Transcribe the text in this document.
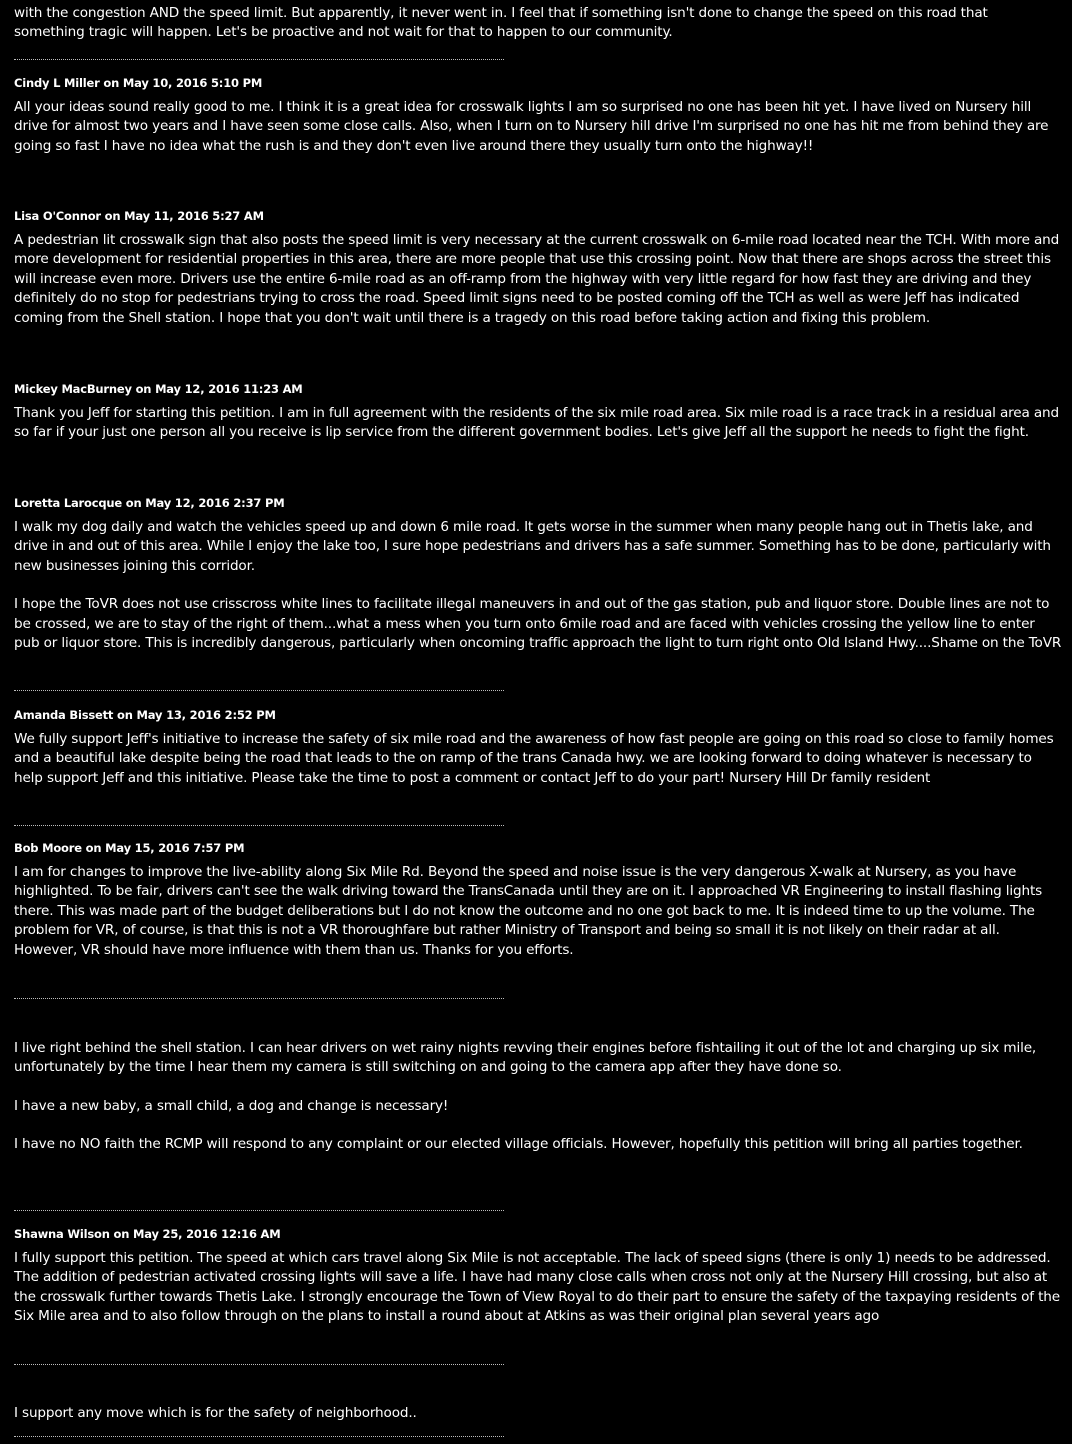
with the congestion AND the speed limit. But apparently, it never went in. I feel that if something isn't done to change the speed on this road that something tragic will happen. Let's be proactive and not wait for that to happen to our community.

Cindy L Miller on May 10, 2016 5:10 PM

All your ideas sound really good to me. I think it is a great idea for crosswalk lights I am so surprised no one has been hit yet. I have lived on Nursery hill drive for almost two years and I have seen some close calls. Also, when I turn on to Nursery hill drive I'm surprised no one has hit me from behind they are going so fast I have no idea what the rush is and they don't even live around there they usually turn onto the highway!!

Lisa O'Connor on May 11, 2016 5:27 AM

A pedestrian lit crosswalk sign that also posts the speed limit is very necessary at the current crosswalk on 6-mile road located near the TCH. With more and more development for residential properties in this area, there are more people that use this crossing point. Now that there are shops across the street this will increase even more. Drivers use the entire 6-mile road as an off-ramp from the highway with very little regard for how fast they are driving and they definitely do no stop for pedestrians trying to cross the road. Speed limit signs need to be posted coming off the TCH as well as were Jeff has indicated coming from the Shell station. I hope that you don't wait until there is a tragedy on this road before taking action and fixing this problem.

Mickey MacBurney on May 12, 2016 11:23 AM

Thank you Jeff for starting this petition. I am in full agreement with the residents of the six mile road area. Six mile road is a race track in a residual area and so far if your just one person all you receive is lip service from the different government bodies. Let's give Jeff all the support he needs to fight the fight.

Loretta Larocque on May 12, 2016 2:37 PM

I walk my dog daily and watch the vehicles speed up and down 6 mile road. It gets worse in the summer when many people hang out in Thetis lake, and drive in and out of this area. While I enjoy the lake too, I sure hope pedestrians and drivers has a safe summer. Something has to be done, particularly with new businesses joining this corridor.

I hope the ToVR does not use crisscross white lines to facilitate illegal maneuvers in and out of the gas station, pub and liquor store. Double lines are not to be crossed, we are to stay of the right of them...what a mess when you turn onto 6mile road and are faced with vehicles crossing the yellow line to enter pub or liquor store. This is incredibly dangerous, particularly when oncoming traffic approach the light to turn right onto Old Island Hwy....Shame on the ToVR

Amanda Bissett on May 13, 2016 2:52 PM

We fully support Jeff's initiative to increase the safety of six mile road and the awareness of how fast people are going on this road so close to family homes and a beautiful lake despite being the road that leads to the on ramp of the trans Canada hwy. we are looking forward to doing whatever is necessary to help support Jeff and this initiative. Please take the time to post a comment or contact Jeff to do your part! Nursery Hill Dr family resident

Bob Moore on May 15, 2016 7:57 PM

I am for changes to improve the live-ability along Six Mile Rd. Beyond the speed and noise issue is the very dangerous X-walk at Nursery, as you have highlighted. To be fair, drivers can't see the walk driving toward the TransCanada until they are on it. I approached VR Engineering to install flashing lights there. This was made part of the budget deliberations but I do not know the outcome and no one got back to me. It is indeed time to up the volume. The problem for VR, of course, is that this is not a VR thoroughfare but rather Ministry of Transport and being so small it is not likely on their radar at all. However, VR should have more influence with them than us. Thanks for you efforts.

I live right behind the shell station. I can hear drivers on wet rainy nights revving their engines before fishtailing it out of the lot and charging up six mile, unfortunately by the time I hear them my camera is still switching on and going to the camera app after they have done so.

I have a new baby, a small child, a dog and change is necessary!

I have no NO faith the RCMP will respond to any complaint or our elected village officials. However, hopefully this petition will bring all parties together.

Shawna Wilson on May 25, 2016 12:16 AM

I fully support this petition. The speed at which cars travel along Six Mile is not acceptable. The lack of speed signs (there is only 1) needs to be addressed. The addition of pedestrian activated crossing lights will save a life. I have had many close calls when cross not only at the Nursery Hill crossing, but also at the crosswalk further towards Thetis Lake. I strongly encourage the Town of View Royal to do their part to ensure the safety of the taxpaying residents of the Six Mile area and to also follow through on the plans to install a round about at Atkins as was their original plan several years ago

I support any move which is for the safety of neighborhood..
